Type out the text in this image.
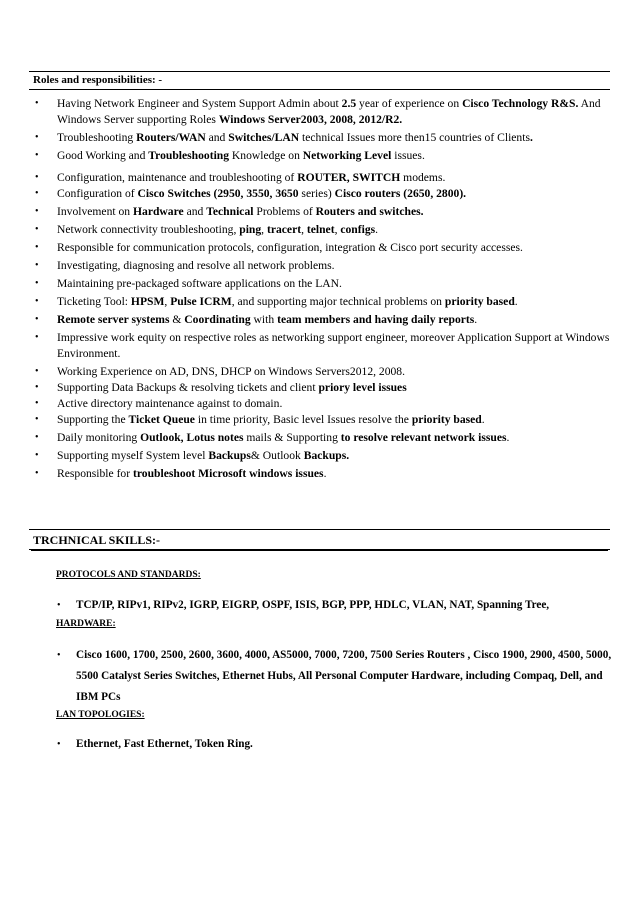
Roles and responsibilities: -
• Having Network Engineer and System Support Admin about 2.5 year of experience on Cisco Technology R&S. And Windows Server supporting Roles Windows Server2003, 2008, 2012/R2.
• Troubleshooting Routers/WAN and Switches/LAN technical Issues more then15 countries of Clients.
• Good Working and Troubleshooting Knowledge on Networking Level issues.
• Configuration, maintenance and troubleshooting of ROUTER, SWITCH modems.
• Configuration of Cisco Switches (2950, 3550, 3650 series) Cisco routers (2650, 2800).
• Involvement on Hardware and Technical Problems of Routers and switches.
• Network connectivity troubleshooting, ping, tracert, telnet, configs.
• Responsible for communication protocols, configuration, integration & Cisco port security accesses.
• Investigating, diagnosing and resolve all network problems.
• Maintaining pre-packaged software applications on the LAN.
• Ticketing Tool: HPSM, Pulse ICRM, and supporting major technical problems on priority based.
• Remote server systems & Coordinating with team members and having daily reports.
• Impressive work equity on respective roles as networking support engineer, moreover Application Support at Windows Environment.
• Working Experience on AD, DNS, DHCP on Windows Servers2012, 2008.
• Supporting Data Backups & resolving tickets and client priory level issues
• Active directory maintenance against to domain.
• Supporting the Ticket Queue in time priority, Basic level Issues resolve the priority based.
• Daily monitoring Outlook, Lotus notes mails & Supporting to resolve relevant network issues.
• Supporting myself System level Backups& Outlook Backups.
• Responsible for troubleshoot Microsoft windows issues.
TRCHNICAL SKILLS:-
PROTOCOLS AND STANDARDS:
•	TCP/IP, RIPv1, RIPv2, IGRP, EIGRP, OSPF, ISIS, BGP, PPP, HDLC, VLAN, NAT, Spanning Tree,
HARDWARE:
•	Cisco 1600, 1700, 2500, 2600, 3600, 4000, AS5000, 7000, 7200, 7500 Series Routers , Cisco 1900, 2900, 4500, 5000, 5500 Catalyst Series Switches, Ethernet Hubs, All Personal Computer Hardware, including Compaq, Dell, and IBM PCs
LAN TOPOLOGIES:
•	Ethernet, Fast Ethernet, Token Ring.
